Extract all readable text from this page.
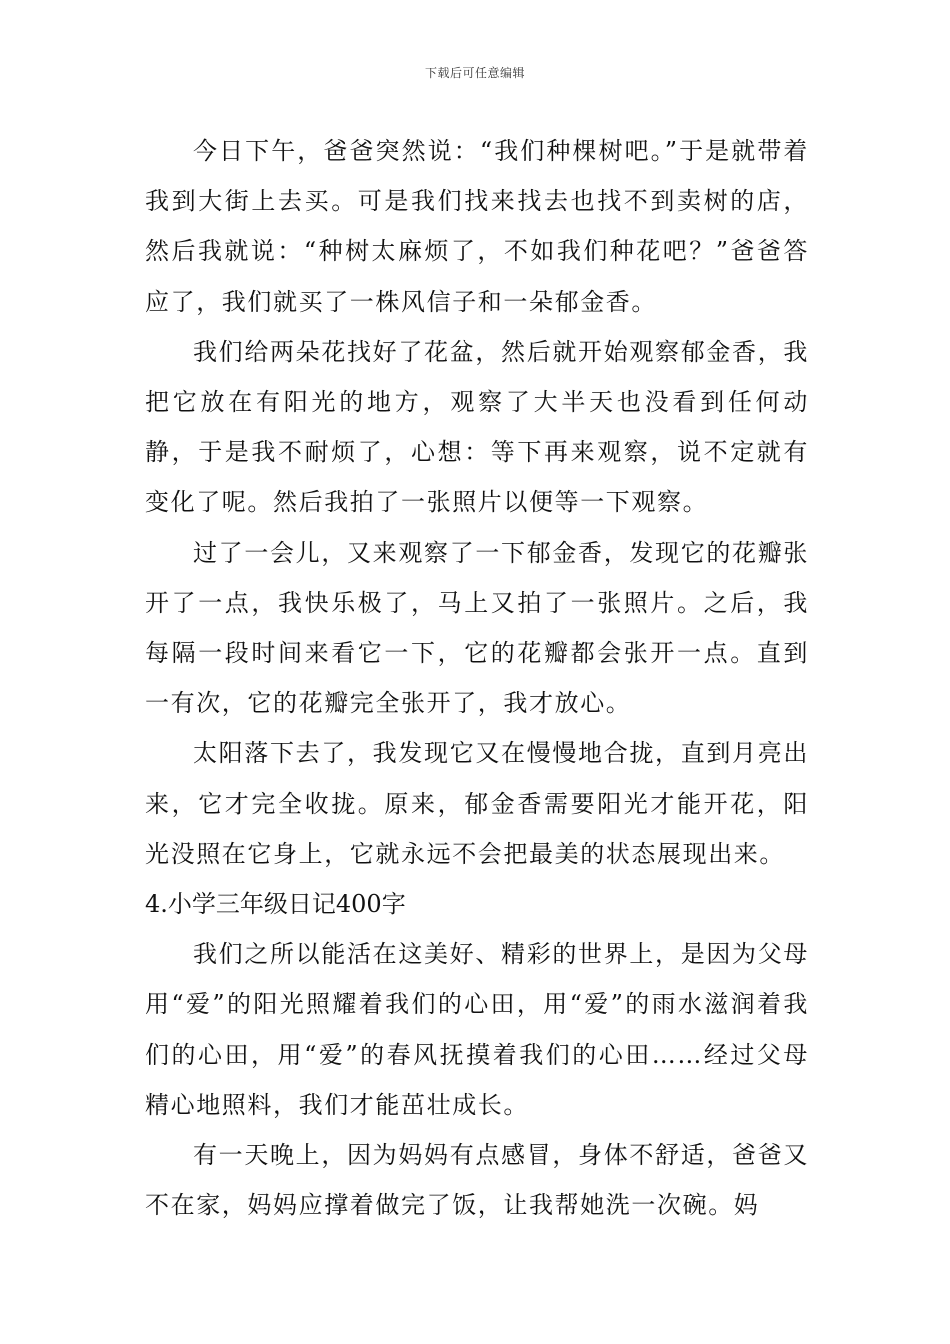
下载后可任意编辑

今日下午，爸爸突然说：“我们种棵树吧。”于是就带着我到大街上去买。可是我们找来找去也找不到卖树的店，然后我就说：“种树太麻烦了，不如我们种花吧？”爸爸答应了，我们就买了一株风信子和一朵郁金香。

我们给两朵花找好了花盆，然后就开始观察郁金香，我把它放在有阳光的地方，观察了大半天也没看到任何动静，于是我不耐烦了，心想：等下再来观察，说不定就有变化了呢。然后我拍了一张照片以便等一下观察。

过了一会儿，又来观察了一下郁金香，发现它的花瓣张开了一点，我快乐极了，马上又拍了一张照片。之后，我每隔一段时间来看它一下，它的花瓣都会张开一点。直到一有次，它的花瓣完全张开了，我才放心。

太阳落下去了，我发现它又在慢慢地合拢，直到月亮出来，它才完全收拢。原来，郁金香需要阳光才能开花，阳光没照在它身上，它就永远不会把最美的状态展现出来。

4.小学三年级日记400字

我们之所以能活在这美好、精彩的世界上，是因为父母用“爱”的阳光照耀着我们的心田，用“爱”的雨水滋润着我们的心田，用“爱”的春风抚摸着我们的心田……经过父母精心地照料，我们才能茁壮成长。

有一天晚上，因为妈妈有点感冒，身体不舒适，爸爸又不在家，妈妈应撑着做完了饭，让我帮她洗一次碗。妈
